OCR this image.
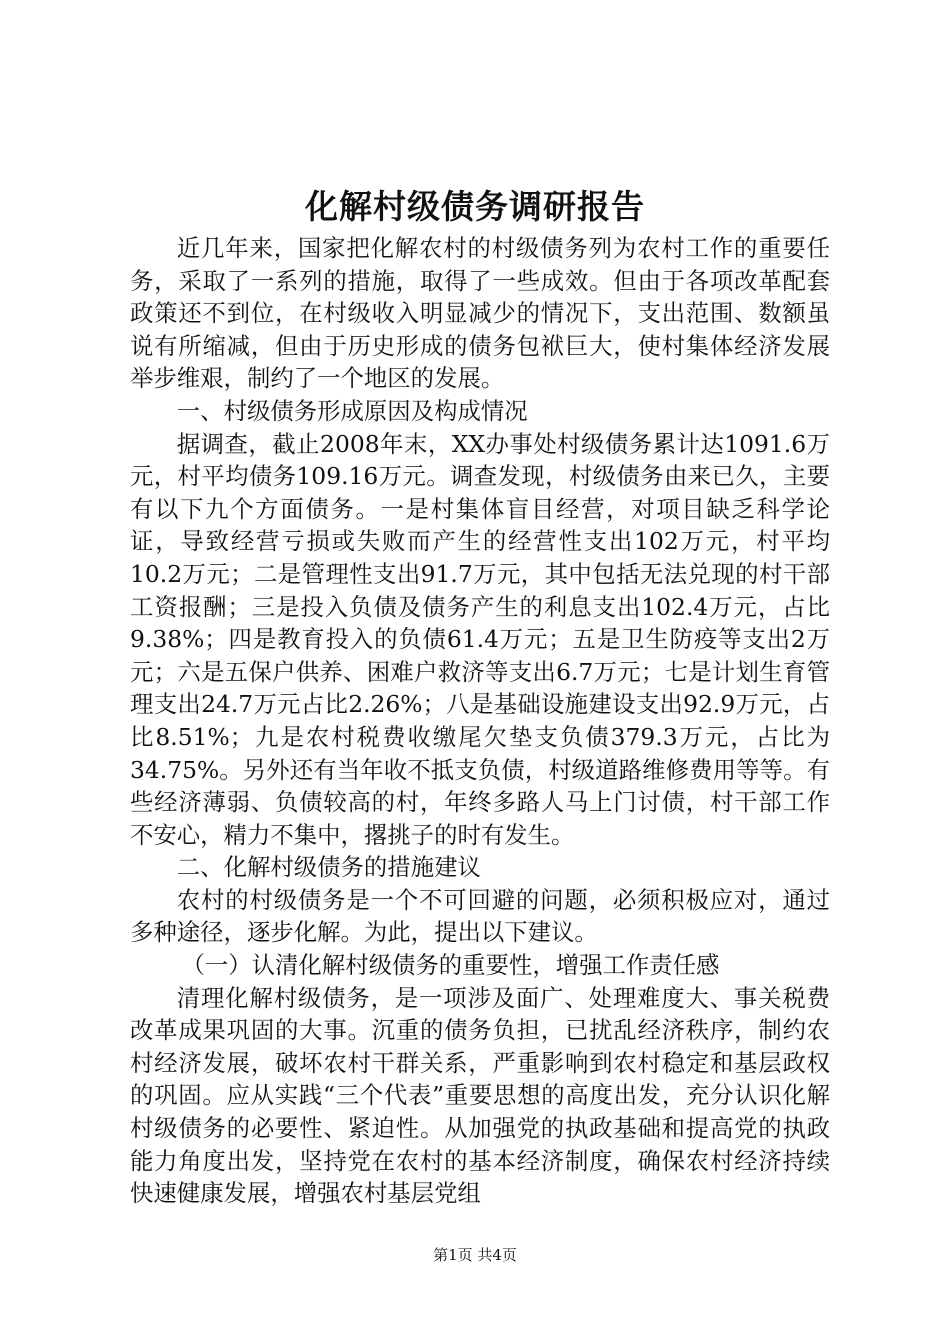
化解村级债务调研报告

近几年来，国家把化解农村的村级债务列为农村工作的重要任务，采取了一系列的措施，取得了一些成效。但由于各项改革配套政策还不到位，在村级收入明显减少的情况下，支出范围、数额虽说有所缩减，但由于历史形成的债务包袱巨大，使村集体经济发展举步维艰，制约了一个地区的发展。

一、村级债务形成原因及构成情况

据调查，截止2008年末，XX办事处村级债务累计达1091.6万元，村平均债务109.16万元。调查发现，村级债务由来已久，主要有以下九个方面债务。一是村集体盲目经营，对项目缺乏科学论证，导致经营亏损或失败而产生的经营性支出102万元，村平均10.2万元；二是管理性支出91.7万元，其中包括无法兑现的村干部工资报酬；三是投入负债及债务产生的利息支出102.4万元，占比9.38%；四是教育投入的负债61.4万元；五是卫生防疫等支出2万元；六是五保户供养、困难户救济等支出6.7万元；七是计划生育管理支出24.7万元占比2.26%；八是基础设施建设支出92.9万元，占比8.51%；九是农村税费收缴尾欠垫支负债379.3万元，占比为34.75%。另外还有当年收不抵支负债，村级道路维修费用等等。有些经济薄弱、负债较高的村，年终多路人马上门讨债，村干部工作不安心，精力不集中，撂挑子的时有发生。

二、化解村级债务的措施建议

农村的村级债务是一个不可回避的问题，必须积极应对，通过多种途径，逐步化解。为此，提出以下建议。

（一）认清化解村级债务的重要性，增强工作责任感

清理化解村级债务，是一项涉及面广、处理难度大、事关税费改革成果巩固的大事。沉重的债务负担，已扰乱经济秩序，制约农村经济发展，破坏农村干群关系，严重影响到农村稳定和基层政权的巩固。应从实践“三个代表”重要思想的高度出发，充分认识化解村级债务的必要性、紧迫性。从加强党的执政基础和提高党的执政能力角度出发，坚持党在农村的基本经济制度，确保农村经济持续快速健康发展，增强农村基层党组

第1页 共4页
